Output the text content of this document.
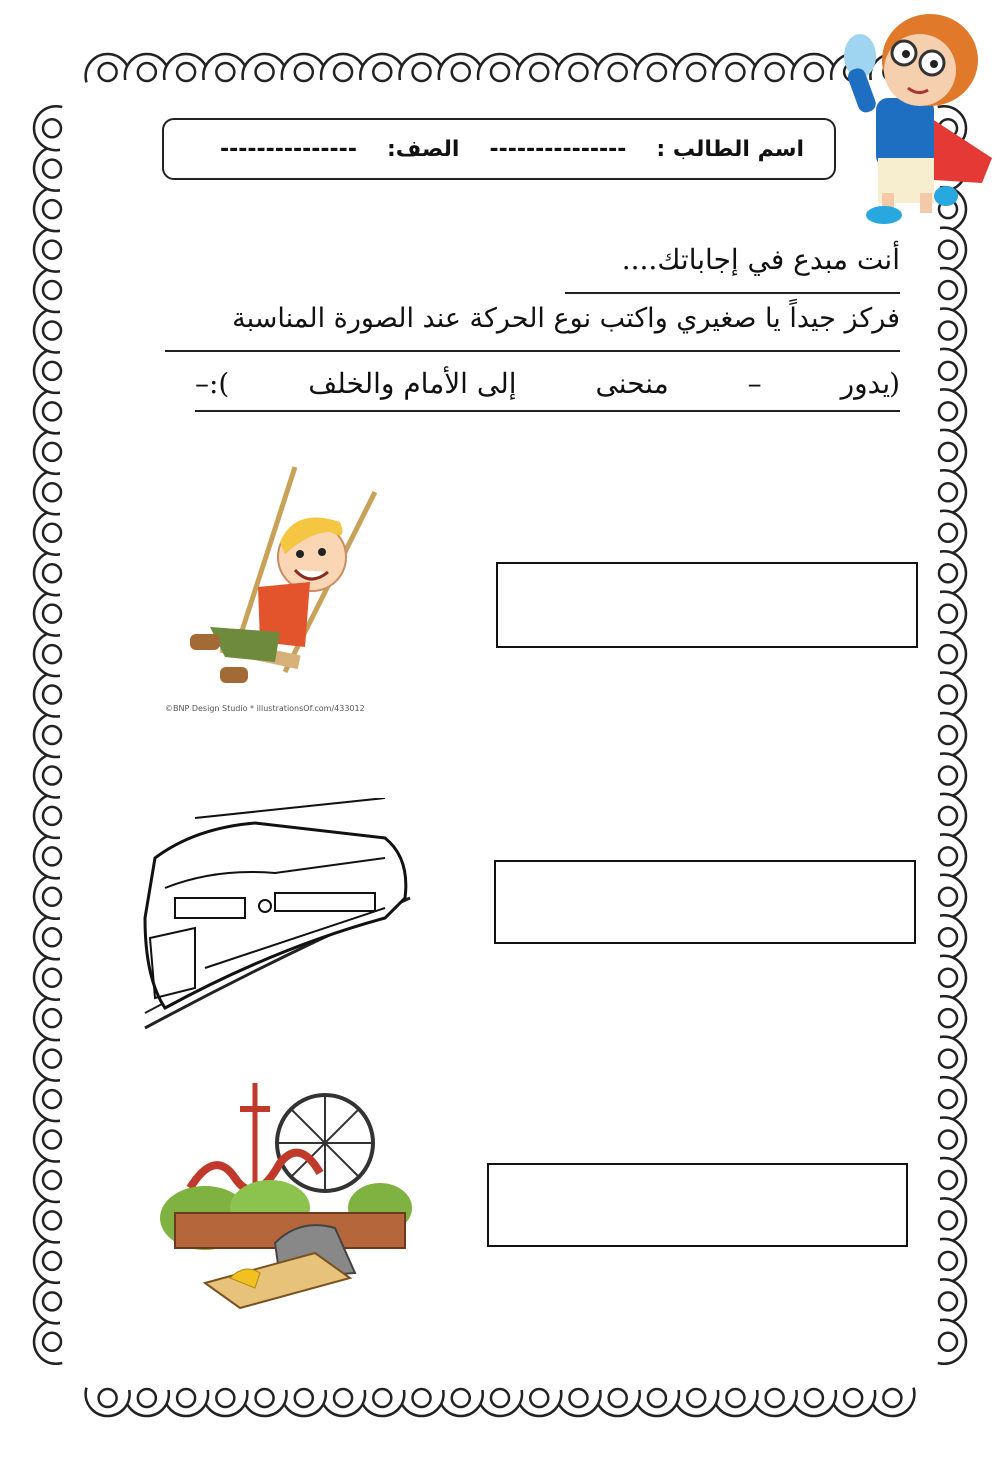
اسم الطالب :
---------------
الصف:
---------------
أنت مبدع في إجاباتك....
فركز جيداً يا صغيري واكتب نوع الحركة عند الصورة المناسبة
(
يدور
–
منحنى
إلى الأمام والخلف
):–
©BNP Design Studio * illustrationsOf.com/433012
